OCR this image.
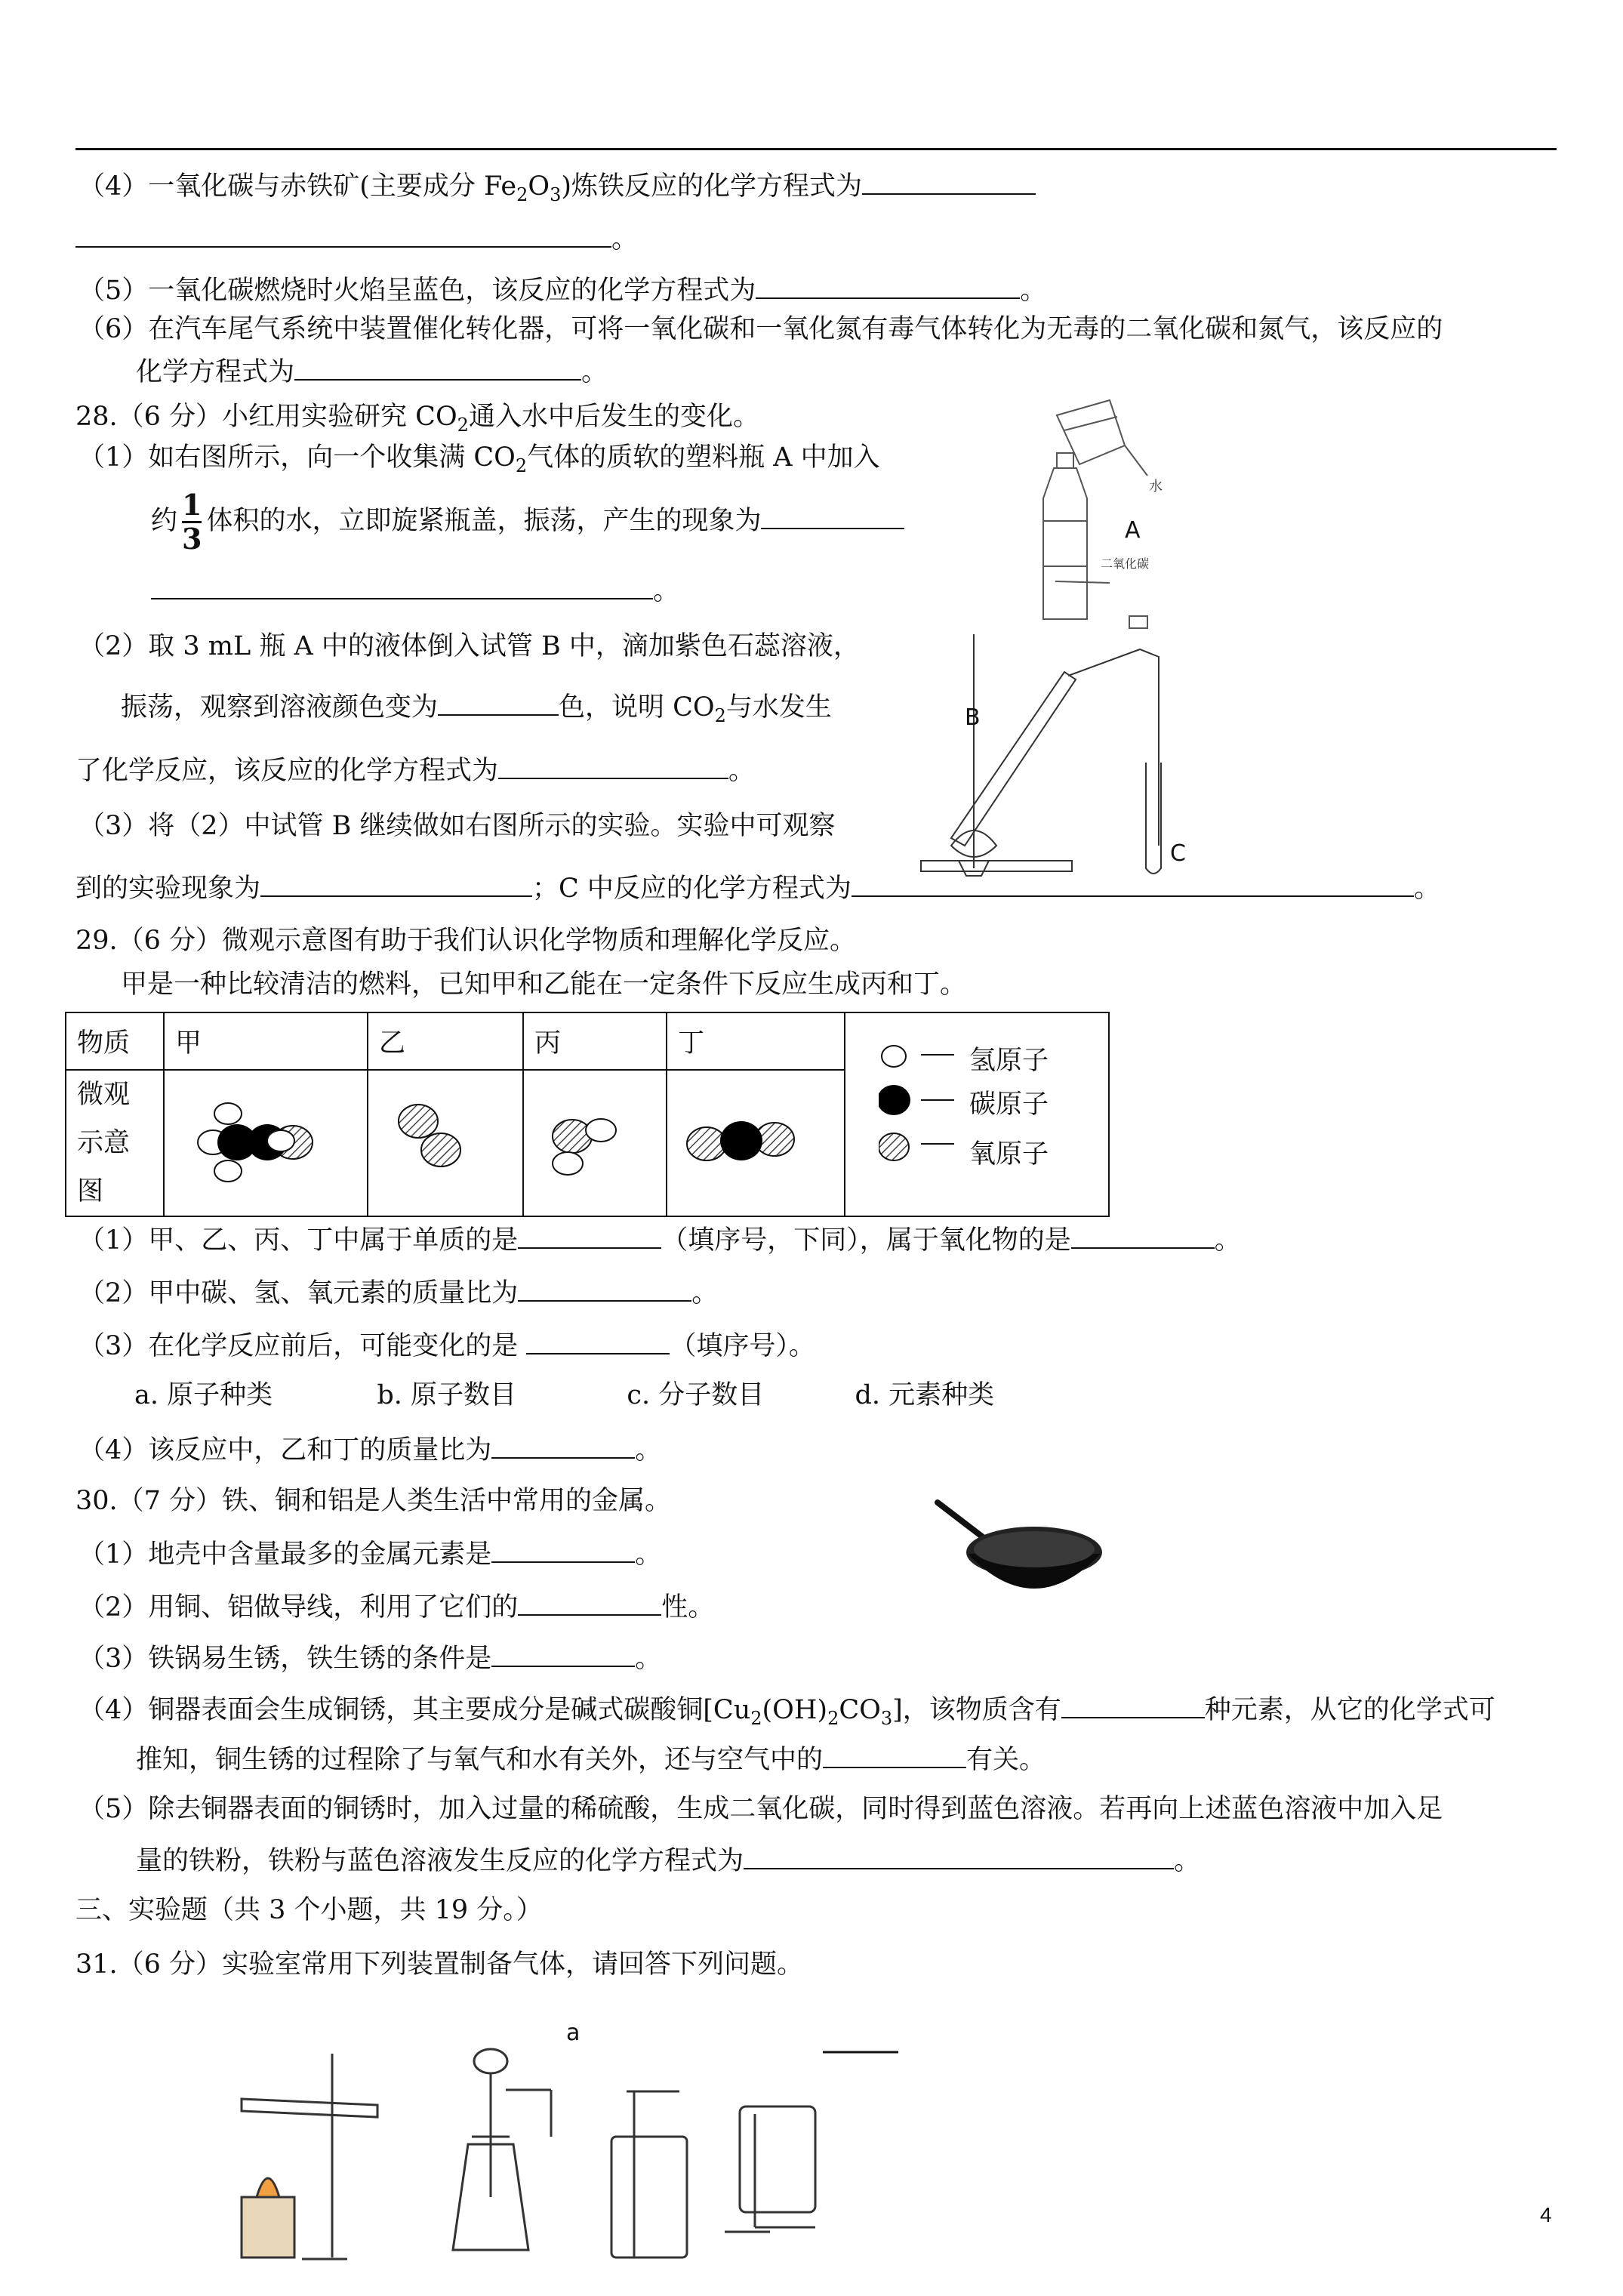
（4）一氧化碳与赤铁矿(主要成分 $Fe_2O_3$)炼铁反应的化学方程式为
。
（5）一氧化碳燃烧时火焰呈蓝色，该反应的化学方程式为	。
（6）在汽车尾气系统中装置催化转化器，可将一氧化碳和一氧化氮有毒气体转化为无毒的二氧化碳和氮气，该反应的
化学方程式为	。
28.（6 分）小红用实验研究 $CO_2$通入水中后发生的变化。
（1）如右图所示，向一个收集满 $CO_2$气体的质软的塑料瓶 A 中加入
约 $\frac{1}{3}$ 体积的水，立即旋紧瓶盖，振荡，产生的现象为
。
（2）取 3 mL 瓶 A 中的液体倒入试管 B 中，滴加紫色石蕊溶液，
振荡，观察到溶液颜色变为	色，说明 $CO_2$与水发生
了化学反应，该反应的化学方程式为	。
（3）将（2）中试管 B 继续做如右图所示的实验。实验中可观察
到的实验现象为	；C 中反应的化学方程式为	。
水
A
二氧化碳
B
C
29.（6 分）微观示意图有助于我们认识化学物质和理解化学反应。
甲是一种比较清洁的燃料，已知甲和乙能在一定条件下反应生成丙和丁。
物质	甲	乙	丙	丁	氢原子
碳原子
氧原子

微观
示意图				
（1）甲、乙、丙、丁中属于单质的是	（填序号，下同），属于氧化物的是	。
（2）甲中碳、氢、氧元素的质量比为	。
（3）在化学反应前后，可能变化的是	（填序号）。
a. 原子种类	b. 原子数目	c. 分子数目	d. 元素种类
（4）该反应中，乙和丁的质量比为	。
30.（7 分）铁、铜和铝是人类生活中常用的金属。
（1）地壳中含量最多的金属元素是	。
（2）用铜、铝做导线，利用了它们的	性。
（3）铁锅易生锈，铁生锈的条件是	。
（4）铜器表面会生成铜锈，其主要成分是碱式碳酸铜$[Cu_2(OH)_2CO_3]$，该物质含有	种元素，从它的化学式可
推知，铜生锈的过程除了与氧气和水有关外，还与空气中的	有关。
（5）除去铜器表面的铜锈时，加入过量的稀硫酸，生成二氧化碳，同时得到蓝色溶液。若再向上述蓝色溶液中加入足
量的铁粉，铁粉与蓝色溶液发生反应的化学方程式为	。
三、实验题（共 3 个小题，共 19 分。）
31.（6 分）实验室常用下列装置制备气体，请回答下列问题。
a
4
